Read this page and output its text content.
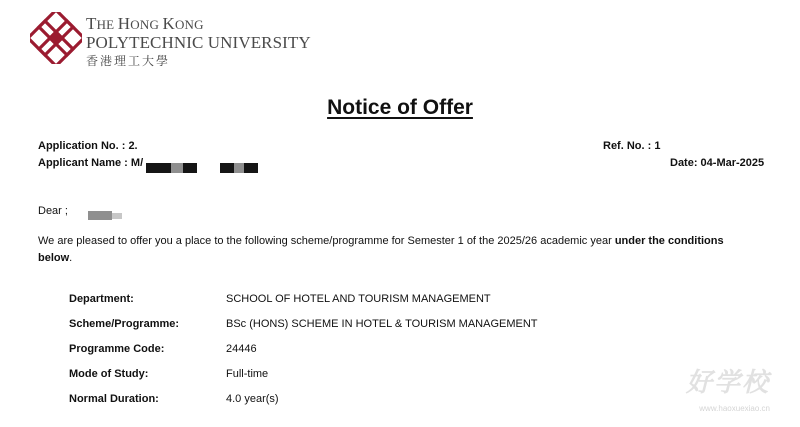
THE HONG KONG
POLYTECHNIC UNIVERSITY
香港理工大學
Notice of Offer
Application No. : 2.
Applicant Name : M/
Ref. No. : 1
Date: 04-Mar-2025
Dear ;
We are pleased to offer you a place to the following scheme/programme for Semester 1 of the 2025/26 academic year under the conditions
below.
Department:	SCHOOL OF HOTEL AND TOURISM MANAGEMENT
Scheme/Programme:	BSc (HONS) SCHEME IN HOTEL & TOURISM MANAGEMENT
Programme Code:	24446
Mode of Study:	Full-time
Normal Duration:	4.0 year(s)
好学校
www.haoxuexiao.cn
